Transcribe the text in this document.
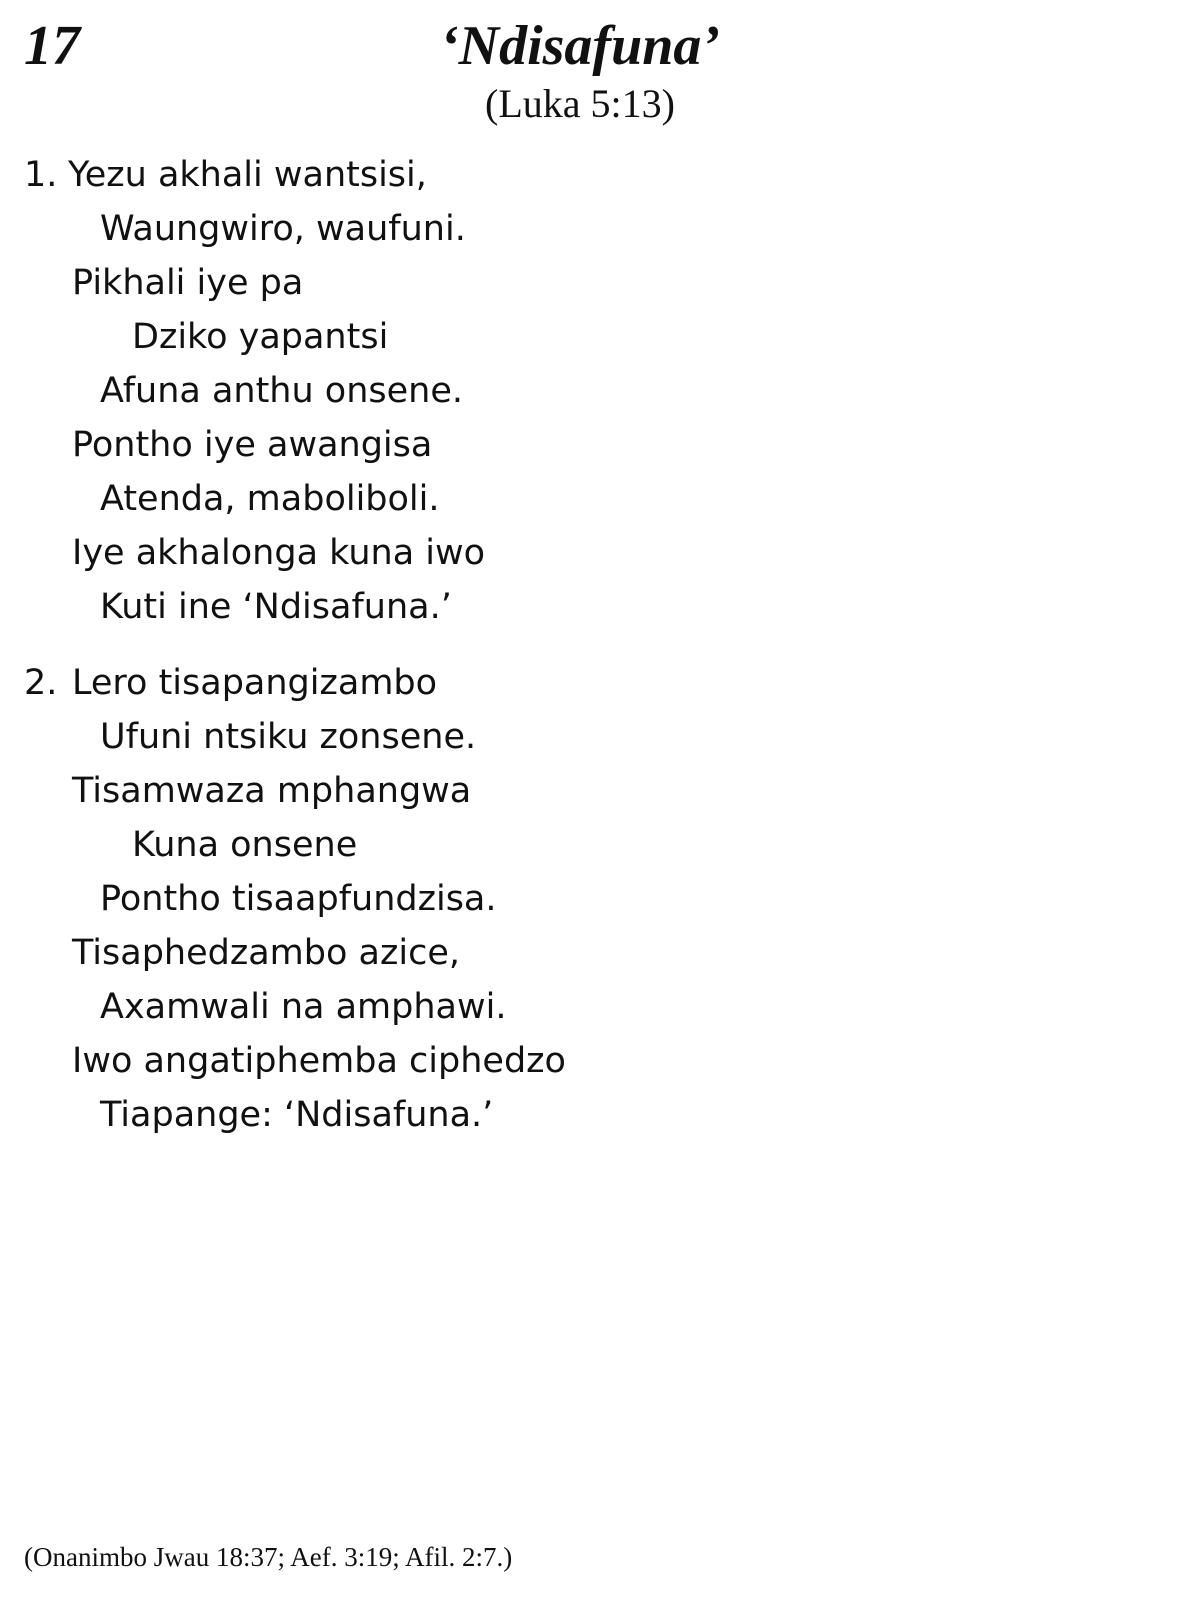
17	‘Ndisafuna’
(Luka 5:13)
1. Yezu akhali wantsisi,
Waungwiro, waufuni.
Pikhali iye pa
Dziko yapantsi
Afuna anthu onsene.
Pontho iye awangisa
Atenda, maboliboli.
Iye akhalonga kuna iwo
Kuti ine ‘Ndisafuna.’
2. Lero tisapangizambo
Ufuni ntsiku zonsene.
Tisamwaza mphangwa
Kuna onsene
Pontho tisaapfundzisa.
Tisaphedzambo azice,
Axamwali na amphawi.
Iwo angatiphemba ciphedzo
Tiapange: ‘Ndisafuna.’
(Onanimbo Jwau 18:37; Aef. 3:19; Afil. 2:7.)
